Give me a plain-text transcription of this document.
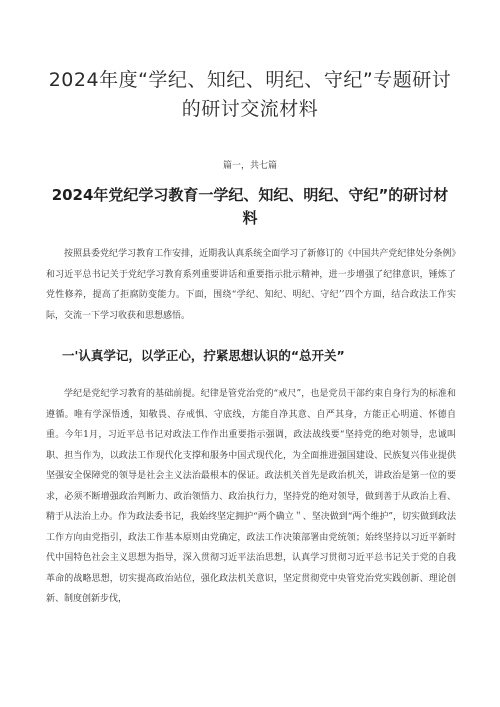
2024年度“学纪、知纪、明纪、守纪”专题研讨的研讨交流材料
篇一，共七篇
2024年党纪学习教育一学纪、知纪、明纪、守纪”的研讨材料
按照县委党纪学习教育工作安排，近期我认真系统全面学习了新修订的《中国共产党纪律处分条例》和习近平总书记关于党纪学习教育系列重要讲话和重要指示批示精神，进一步增强了纪律意识，锤炼了党性修养，提高了拒腐防变能力。下面，围绕“学纪、知纪、明纪、守纪’’四个方面，结合政法工作实际，交流一下学习收获和思想感悟。
一'认真学记，以学正心，拧紧思想认识的“总开关”
学纪是党纪学习教育的基础前提。纪律是管党治党的“戒尺”，也是党员干部约束自身行为的标准和遵循。唯有学深悟透，知敬畏、存戒惧、守底线，方能自净其意、自严其身，方能正心明道、怀德自重。今年1月，习近平总书记对政法工作作出重要指示强调，政法战线要“坚持党的绝对领导，忠诚叫职、担当作为，以政法工作现代化支撑和服务中国式现代化，为全面推进强国建设、民族复兴伟业提供坚强安全保障党的领导是社会主义法治最根本的保证。政法机关首先是政治机关，讲政治是第一位的要求，必须不断增强政治判断力、政治领悟力、政治执行力，坚持党的绝对领导，做到善于从政治上看、精于从法治上办。作为政法委书记，我始终坚定拥护“两个确立＂、坚决做到“两个维护”，切实做到政法工作方向由党指引，政法工作基本原则由党确定，政法工作决策部署由党统领；始终坚持以习近平新时代中国特色社会主义思想为指导，深入贯彻习近平法治思想，认真学习贯彻习近平总书记关于党的自我革命的战略思想，切实提高政治站位，强化政法机关意识，坚定贯彻党中央管党治党实践创新、理论创新、制度创新步伐，
